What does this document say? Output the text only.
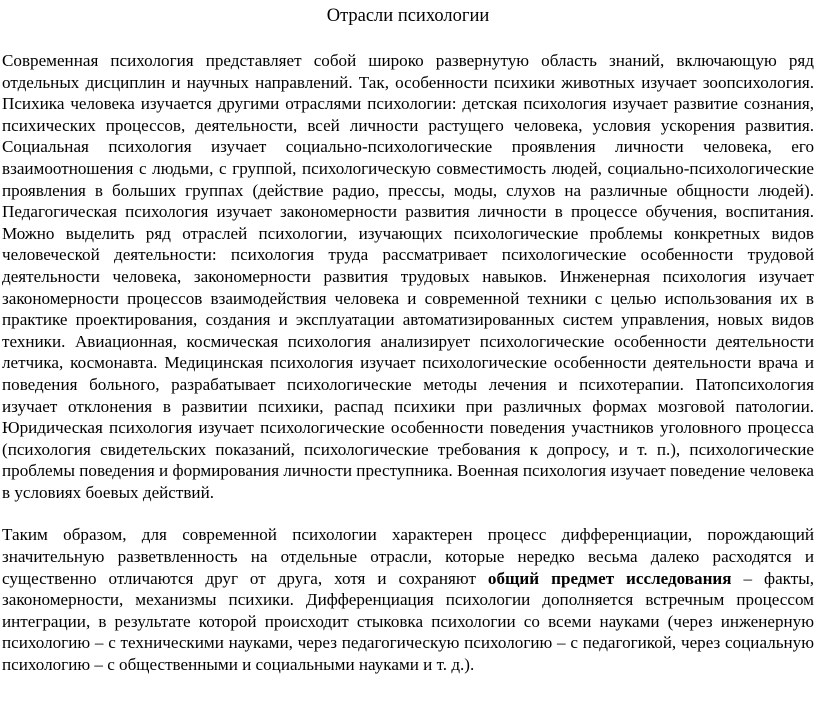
Отрасли психологии

Современная психология представляет собой широко развернутую область знаний, включающую ряд отдельных дисциплин и научных направлений. Так, особенности психики животных изучает зоопсихология. Психика человека изучается другими отраслями психологии: детская психология изучает развитие сознания, психических процессов, деятельности, всей личности растущего человека, условия ускорения развития. Социальная психология изучает социально-психологические проявления личности человека, его взаимоотношения с людьми, с группой, психологическую совместимость людей, социально-психологические проявления в больших группах (действие радио, прессы, моды, слухов на различные общности людей). Педагогическая психология изучает закономерности развития личности в процессе обучения, воспитания. Можно выделить ряд отраслей психологии, изучающих психологические проблемы конкретных видов человеческой деятельности: психология труда рассматривает психологические особенности трудовой деятельности человека, закономерности развития трудовых навыков. Инженерная психология изучает закономерности процессов взаимодействия человека и современной техники с целью использования их в практике проектирования, создания и эксплуатации автоматизированных систем управления, новых видов техники. Авиационная, космическая психология анализирует психологические особенности деятельности летчика, космонавта. Медицинская психология изучает психологические особенности деятельности врача и поведения больного, разрабатывает психологические методы лечения и психотерапии. Патопсихология изучает отклонения в развитии психики, распад психики при различных формах мозговой патологии. Юридическая психология изучает психологические особенности поведения участников уголовного процесса (психология свидетельских показаний, психологические требования к допросу, и т. п.), психологические проблемы поведения и формирования личности преступника. Военная психология изучает поведение человека в условиях боевых действий.

Таким образом, для современной психологии характерен процесс дифференциации, порождающий значительную разветвленность на отдельные отрасли, которые нередко весьма далеко расходятся и существенно отличаются друг от друга, хотя и сохраняют общий предмет исследования – факты, закономерности, механизмы психики. Дифференциация психологии дополняется встречным процессом интеграции, в результате которой происходит стыковка психологии со всеми науками (через инженерную психологию – с техническими науками, через педагогическую психологию – с педагогикой, через социальную психологию – с общественными и социальными науками и т. д.).
